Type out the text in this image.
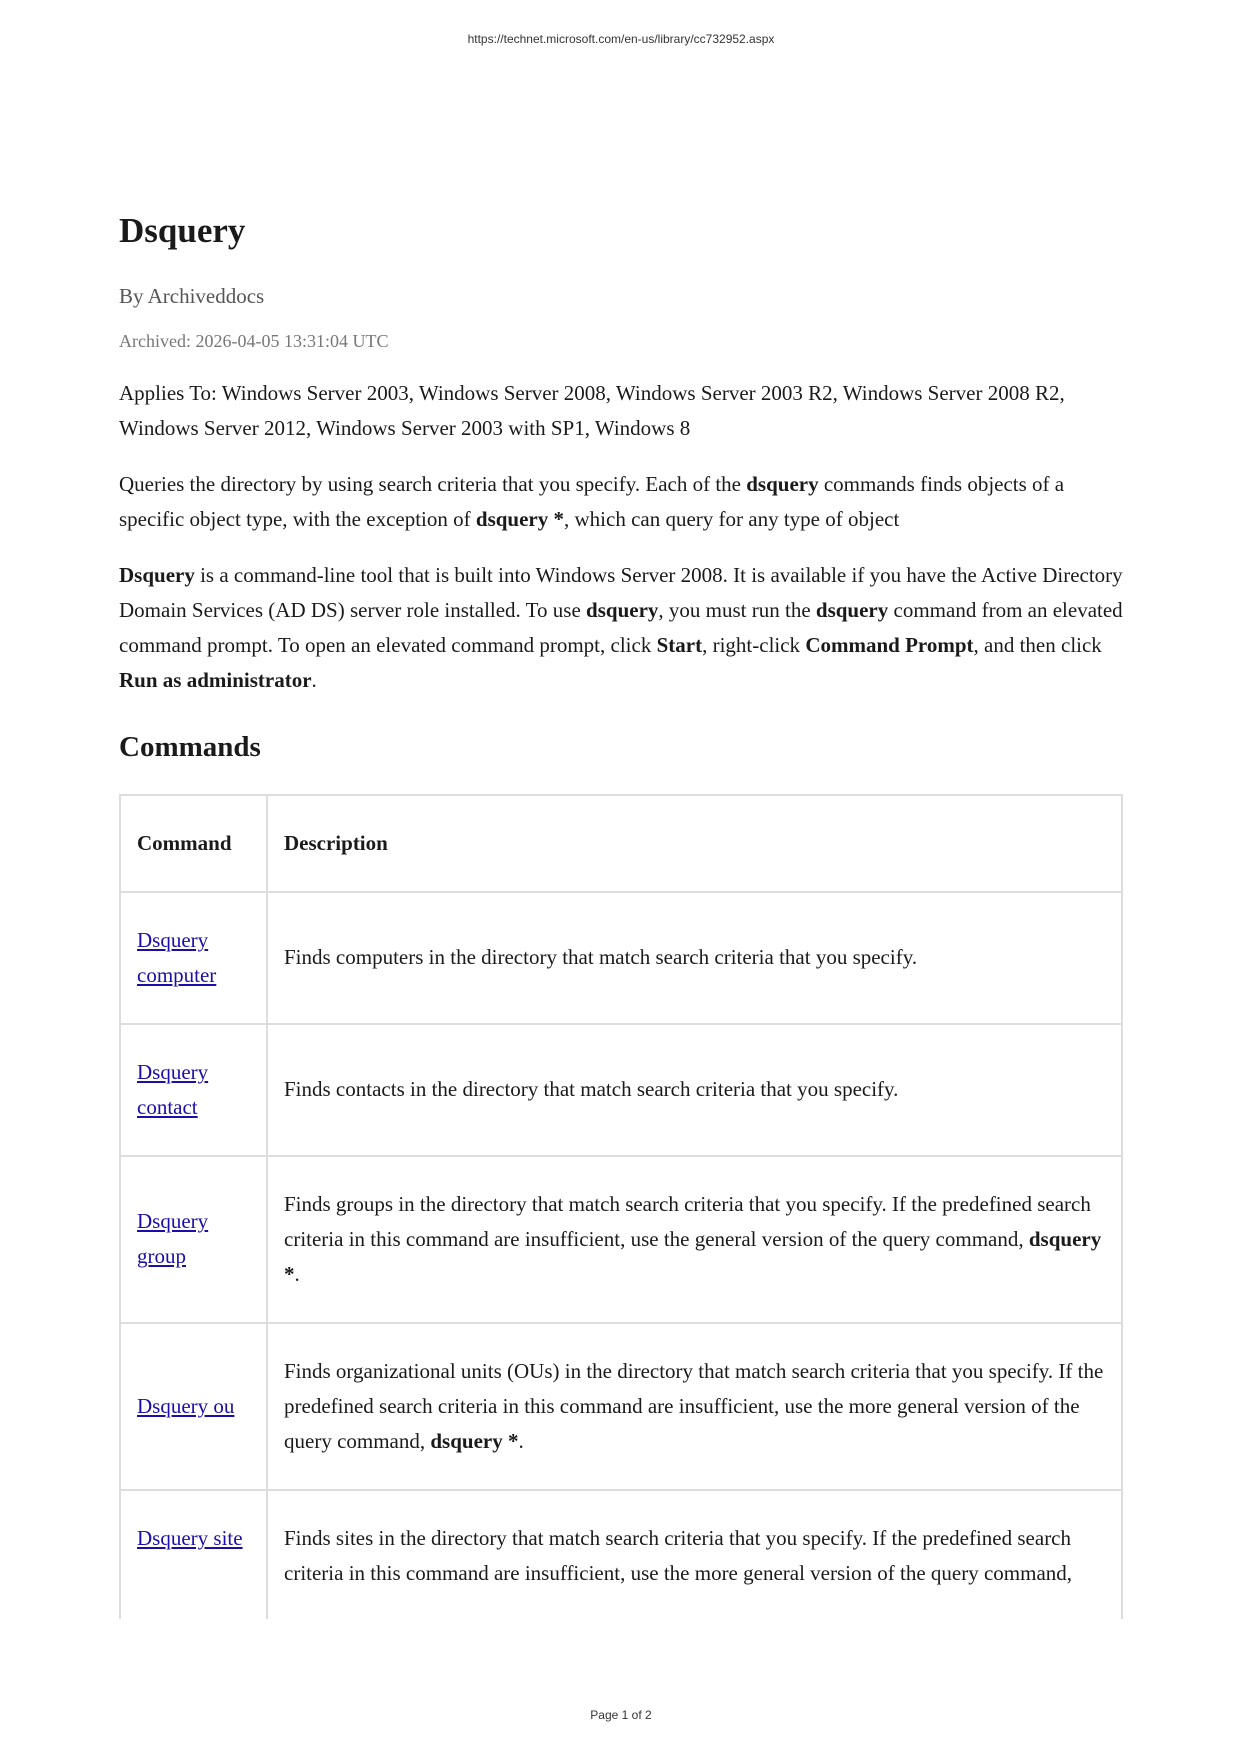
https://technet.microsoft.com/en-us/library/cc732952.aspx
Dsquery
By Archiveddocs
Archived: 2026-04-05 13:31:04 UTC

Applies To: Windows Server 2003, Windows Server 2008, Windows Server 2003 R2, Windows Server 2008 R2, Windows Server 2012, Windows Server 2003 with SP1, Windows 8

Queries the directory by using search criteria that you specify. Each of the dsquery commands finds objects of a specific object type, with the exception of dsquery *, which can query for any type of object

Dsquery is a command-line tool that is built into Windows Server 2008. It is available if you have the Active Directory Domain Services (AD DS) server role installed. To use dsquery, you must run the dsquery command from an elevated command prompt. To open an elevated command prompt, click Start, right-click Command Prompt, and then click Run as administrator.

Commands
Command	Description
Dsquery computer	Finds computers in the directory that match search criteria that you specify.
Dsquery contact	Finds contacts in the directory that match search criteria that you specify.
Dsquery group	Finds groups in the directory that match search criteria that you specify. If the predefined search criteria in this command are insufficient, use the general version of the query command, dsquery *.
Dsquery ou	Finds organizational units (OUs) in the directory that match search criteria that you specify. If the predefined search criteria in this command are insufficient, use the more general version of the query command, dsquery *.
Dsquery site	Finds sites in the directory that match search criteria that you specify. If the predefined search criteria in this command are insufficient, use the more general version of the query command,
Page 1 of 2
